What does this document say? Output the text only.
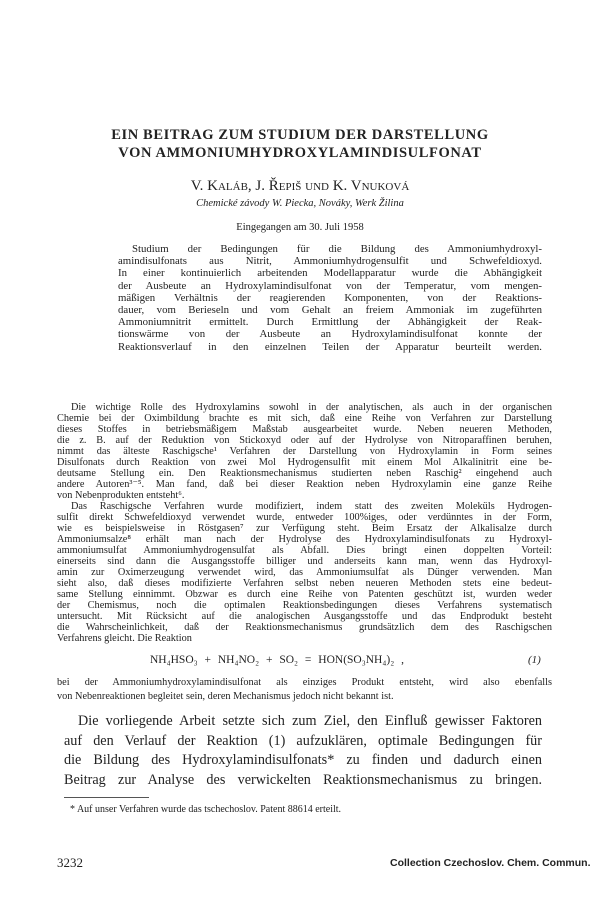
EIN BEITRAG ZUM STUDIUM DER DARSTELLUNG
VON AMMONIUMHYDROXYLAMINDISULFONAT
V. Kaláb, J. Řepiš und K. Vnuková
Chemické závody W. Piecka, Nováky, Werk Žilina
Eingegangen am 30. Juli 1958
Studium der Bedingungen für die Bildung des Ammoniumhydroxyl-
amindisulfonats aus Nitrit, Ammoniumhydrogensulfit und Schwefeldioxyd.
In einer kontinuierlich arbeitenden Modellapparatur wurde die Abhängigkeit
der Ausbeute an Hydroxylamindisulfonat von der Temperatur, vom mengen-
mäßigen Verhältnis der reagierenden Komponenten, von der Reaktions-
dauer, vom Berieseln und vom Gehalt an freiem Ammoniak im zugeführten
Ammoniumnitrit ermittelt. Durch Ermittlung der Abhängigkeit der Reak-
tionswärme von der Ausbeute an Hydroxylamindisulfonat konnte der
Reaktionsverlauf in den einzelnen Teilen der Apparatur beurteilt werden.
Die wichtige Rolle des Hydroxylamins sowohl in der analytischen, als auch in der organischen
Chemie bei der Oximbildung brachte es mit sich, daß eine Reihe von Verfahren zur Darstellung
dieses Stoffes in betriebsmäßigem Maßstab ausgearbeitet wurde. Neben neueren Methoden,
die z. B. auf der Reduktion von Stickoxyd oder auf der Hydrolyse von Nitroparaffinen beruhen,
nimmt das älteste Raschigsche¹ Verfahren der Darstellung von Hydroxylamin in Form seines
Disulfonats durch Reaktion von zwei Mol Hydrogensulfit mit einem Mol Alkalinitrit eine be-
deutsame Stellung ein. Den Reaktionsmechanismus studierten neben Raschig² eingehend auch
andere Autoren³⁻⁵. Man fand, daß bei dieser Reaktion neben Hydroxylamin eine ganze Reihe
von Nebenprodukten entsteht⁶.
Das Raschigsche Verfahren wurde modifiziert, indem statt des zweiten Moleküls Hydrogen-
sulfit direkt Schwefeldioxyd verwendet wurde, entweder 100%iges, oder verdünntes in der Form,
wie es beispielsweise in Röstgasen⁷ zur Verfügung steht. Beim Ersatz der Alkalisalze durch
Ammoniumsalze⁸ erhält man nach der Hydrolyse des Hydroxylamindisulfonats zu Hydroxyl-
ammoniumsulfat Ammoniumhydrogensulfat als Abfall. Dies bringt einen doppelten Vorteil:
einerseits sind dann die Ausgangsstoffe billiger und anderseits kann man, wenn das Hydroxyl-
amin zur Oximerzeugung verwendet wird, das Ammoniumsulfat als Dünger verwenden. Man
sieht also, daß dieses modifizierte Verfahren selbst neben neueren Methoden stets eine bedeut-
same Stellung einnimmt. Obzwar es durch eine Reihe von Patenten geschützt ist, wurden weder
der Chemismus, noch die optimalen Reaktionsbedingungen dieses Verfahrens systematisch
untersucht. Mit Rücksicht auf die analogischen Ausgangsstoffe und das Endprodukt besteht
die Wahrscheinlichkeit, daß der Reaktionsmechanismus grundsätzlich dem des Raschigschen
Verfahrens gleicht. Die Reaktion
NH₄HSO₃ + NH₄NO₂ + SO₂ = HON(SO₃NH₄)₂ ,	(1)
bei der Ammoniumhydroxylamindisulfonat als einziges Produkt entsteht, wird also ebenfalls
von Nebenreaktionen begleitet sein, deren Mechanismus jedoch nicht bekannt ist.
Die vorliegende Arbeit setzte sich zum Ziel, den Einfluß gewisser Faktoren
auf den Verlauf der Reaktion (1) aufzuklären, optimale Bedingungen für
die Bildung des Hydroxylamindisulfonats* zu finden und dadurch einen
Beitrag zur Analyse des verwickelten Reaktionsmechanismus zu bringen.
* Auf unser Verfahren wurde das tschechoslov. Patent 88614 erteilt.
3232	Collection Czechoslov. Chem. Commun.
